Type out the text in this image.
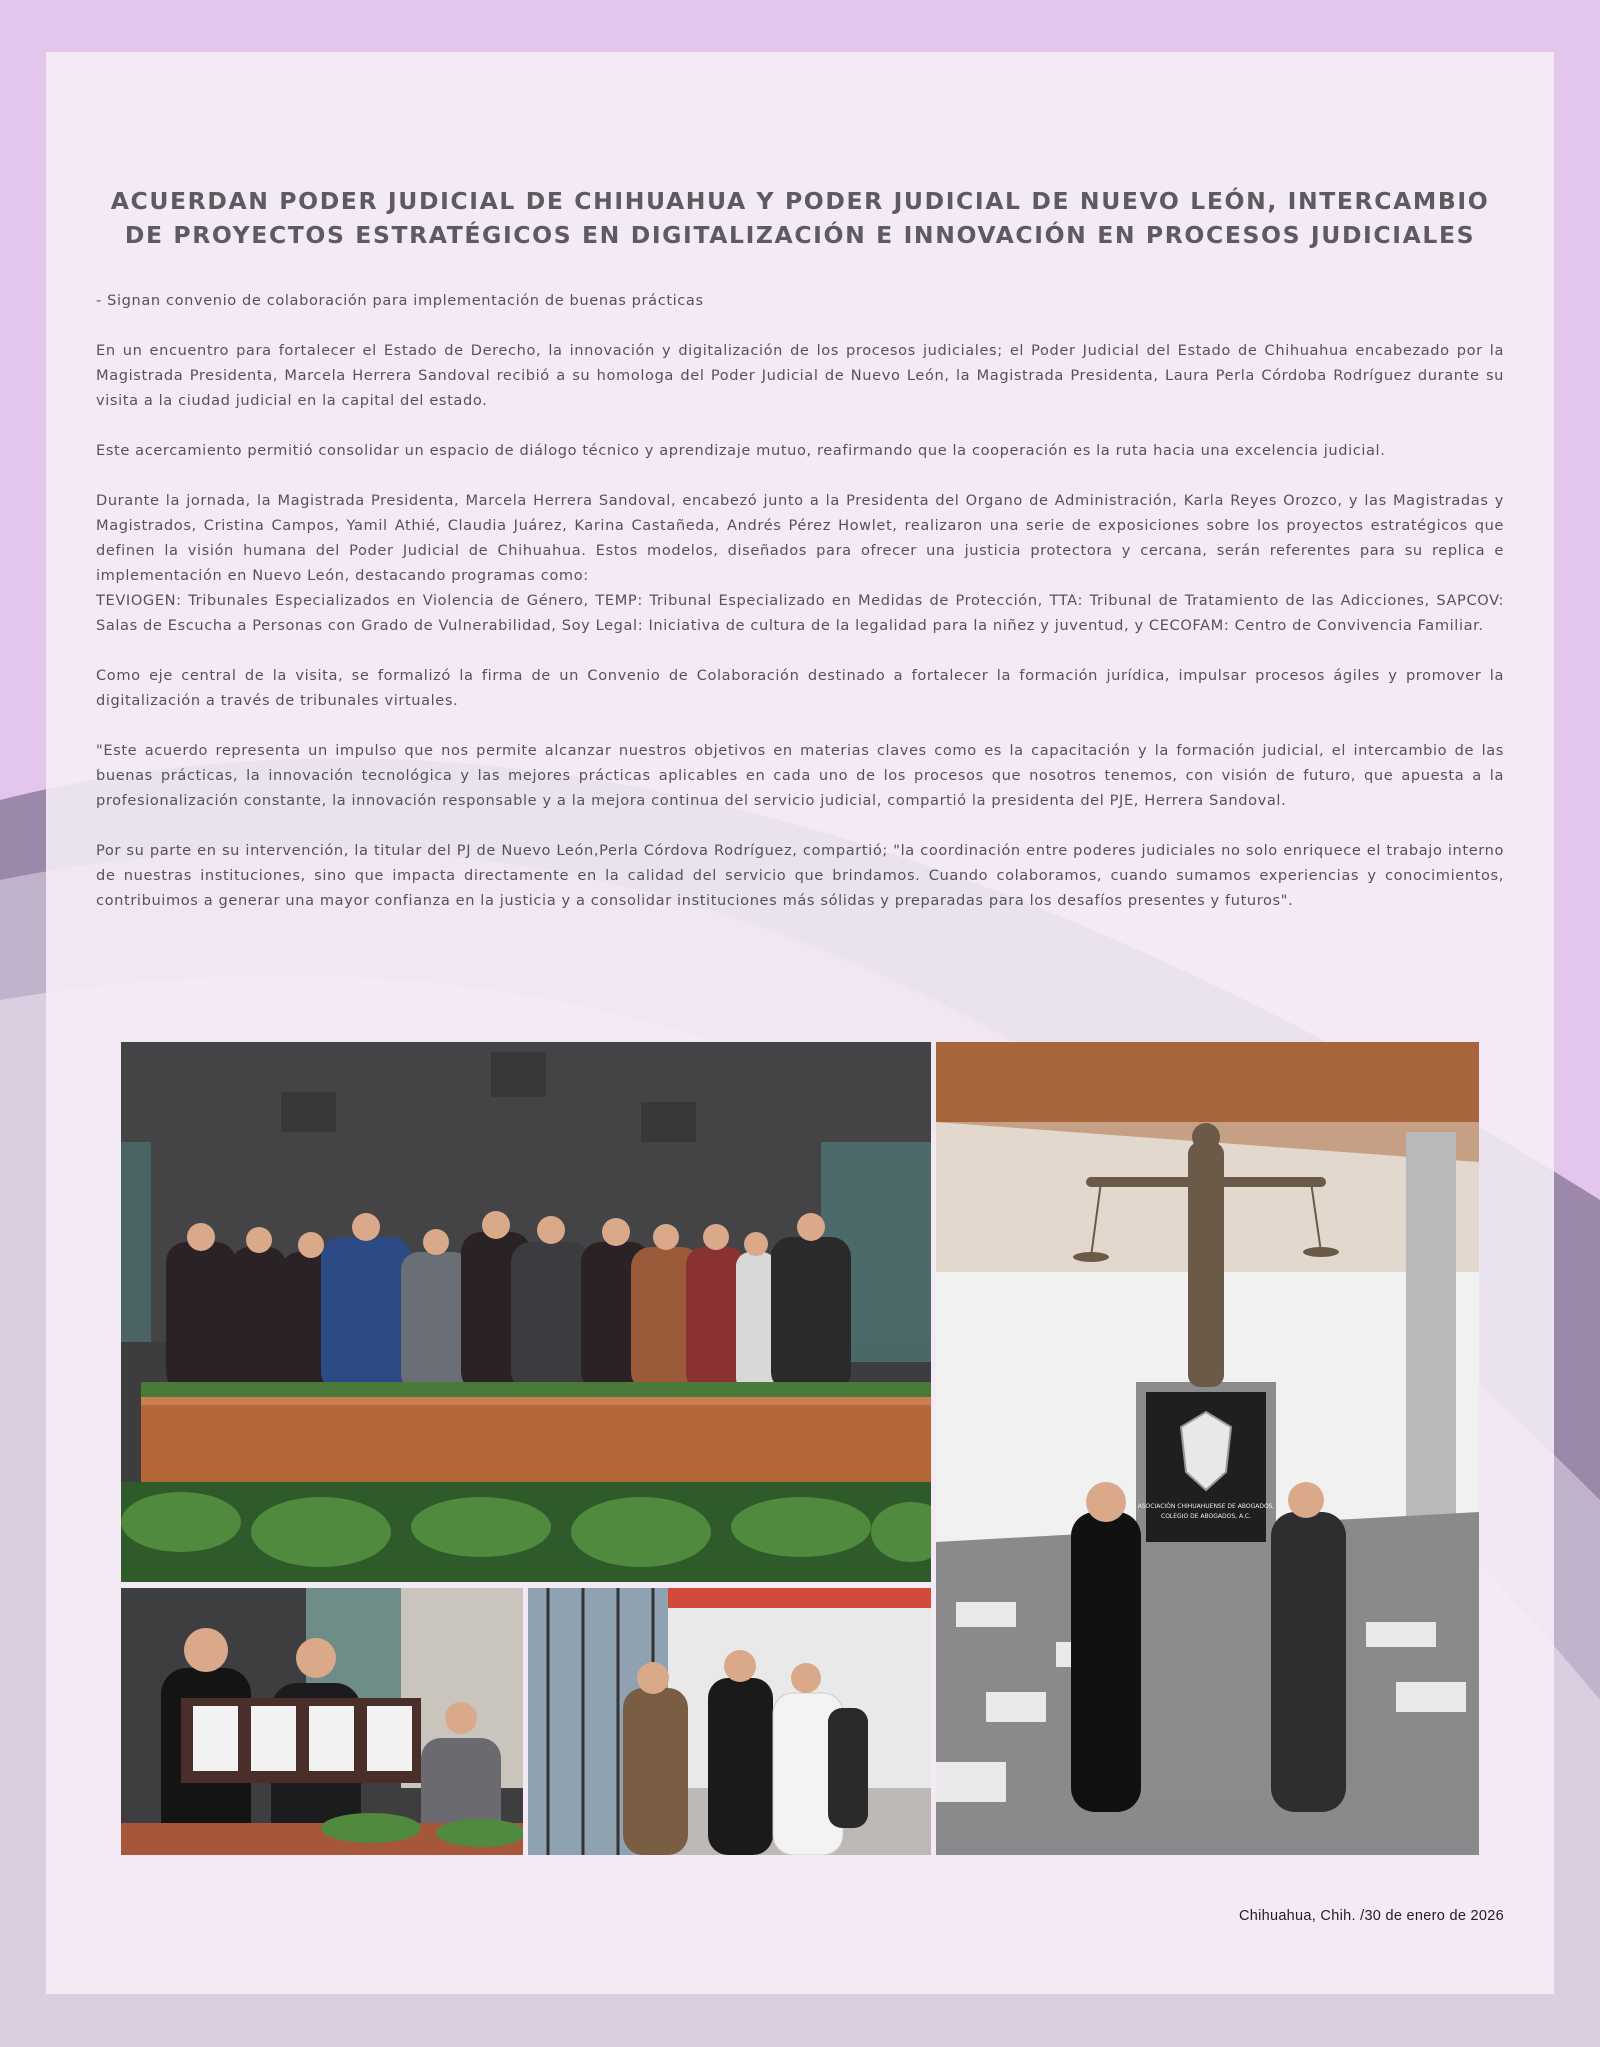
ACUERDAN PODER JUDICIAL DE CHIHUAHUA Y PODER JUDICIAL DE NUEVO LEÓN, INTERCAMBIO DE PROYECTOS ESTRATÉGICOS EN DIGITALIZACIÓN E INNOVACIÓN EN PROCESOS JUDICIALES

- Signan convenio de colaboración para implementación de buenas prácticas

En un encuentro para fortalecer el Estado de Derecho, la innovación y digitalización de los procesos judiciales; el Poder Judicial del Estado de Chihuahua encabezado por la Magistrada Presidenta, Marcela Herrera Sandoval recibió a su homologa del Poder Judicial de Nuevo León, la Magistrada Presidenta, Laura Perla Córdoba Rodríguez durante su visita a la ciudad judicial en la capital del estado.

Este acercamiento permitió consolidar un espacio de diálogo técnico y aprendizaje mutuo, reafirmando que la cooperación es la ruta hacia una excelencia judicial.

Durante la jornada, la Magistrada Presidenta, Marcela Herrera Sandoval, encabezó junto a la Presidenta del Organo de Administración, Karla Reyes Orozco, y las Magistradas y Magistrados, Cristina Campos, Yamil Athié, Claudia Juárez, Karina Castañeda, Andrés Pérez Howlet, realizaron una serie de exposiciones sobre los proyectos estratégicos que definen la visión humana del Poder Judicial de Chihuahua. Estos modelos, diseñados para ofrecer una justicia protectora y cercana, serán referentes para su replica e implementación en Nuevo León, destacando programas como:

TEVIOGEN: Tribunales Especializados en Violencia de Género, TEMP: Tribunal Especializado en Medidas de Protección, TTA: Tribunal de Tratamiento de las Adicciones, SAPCOV: Salas de Escucha a Personas con Grado de Vulnerabilidad, Soy Legal: Iniciativa de cultura de la legalidad para la niñez y juventud, y CECOFAM: Centro de Convivencia Familiar.

Como eje central de la visita, se formalizó la firma de un Convenio de Colaboración destinado a fortalecer la formación jurídica, impulsar procesos ágiles y promover la digitalización a través de tribunales virtuales.

"Este acuerdo representa un impulso que nos permite alcanzar nuestros objetivos en materias claves como es la capacitación y la formación judicial, el intercambio de las buenas prácticas, la innovación tecnológica y las mejores prácticas aplicables en cada uno de los procesos que nosotros tenemos, con visión de futuro, que apuesta a la profesionalización constante, la innovación responsable y a la mejora continua del servicio judicial, compartió la presidenta del PJE, Herrera Sandoval.

Por su parte en su intervención, la titular del PJ de Nuevo León,Perla Córdova Rodríguez, compartió; "la coordinación entre poderes judiciales no solo enriquece el trabajo interno de nuestras instituciones, sino que impacta directamente en la calidad del servicio que brindamos. Cuando colaboramos, cuando sumamos experiencias y conocimientos, contribuimos a generar una mayor confianza en la justicia y a consolidar instituciones más sólidas y preparadas para los desafíos presentes y futuros".

ASOCIACIÓN CHIHUAHUENSE DE ABOGADOS,
COLEGIO DE ABOGADOS, A.C.
Chihuahua, Chih. /30 de enero de 2026
